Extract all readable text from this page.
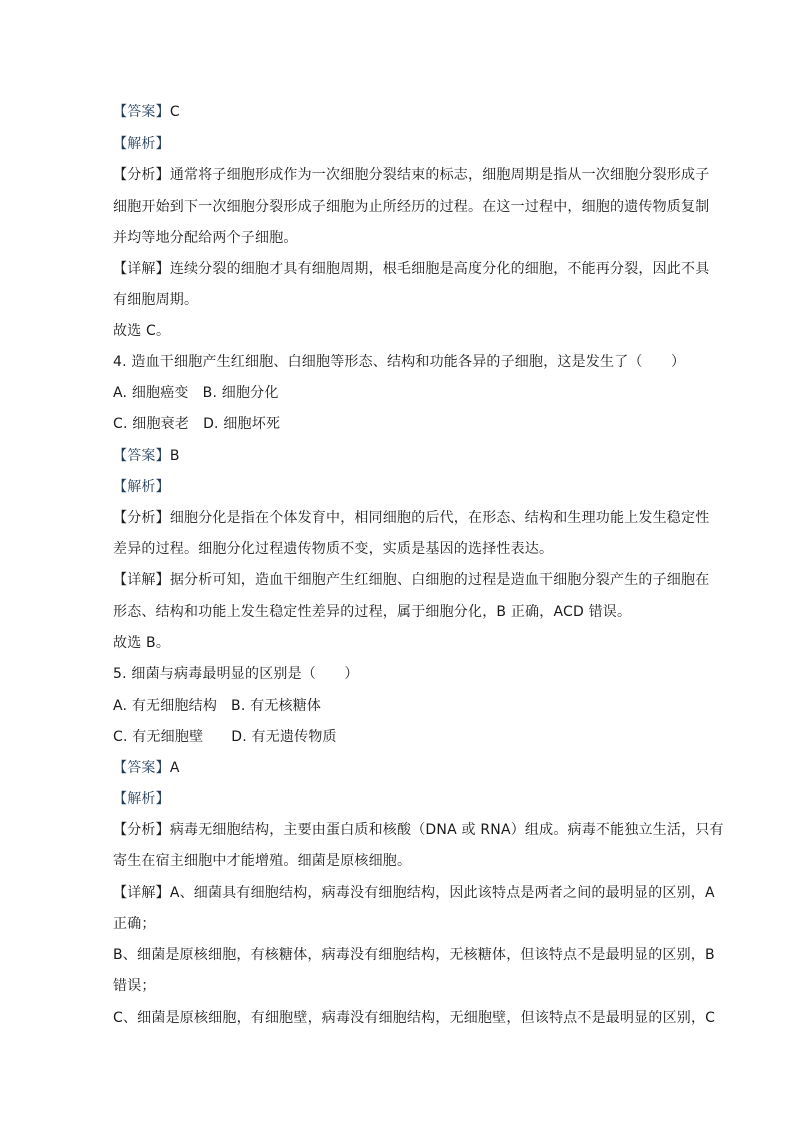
【答案】C
【解析】
【分析】通常将子细胞形成作为一次细胞分裂结束的标志，细胞周期是指从一次细胞分裂形成子
细胞开始到下一次细胞分裂形成子细胞为止所经历的过程。在这一过程中，细胞的遗传物质复制
并均等地分配给两个子细胞。
【详解】连续分裂的细胞才具有细胞周期，根毛细胞是高度分化的细胞，不能再分裂，因此不具
有细胞周期。
故选 C。
4. 造血干细胞产生红细胞、白细胞等形态、结构和功能各异的子细胞，这是发生了（　　）
A. 细胞癌变 B. 细胞分化
C. 细胞衰老 D. 细胞坏死
【答案】B
【解析】
【分析】细胞分化是指在个体发育中，相同细胞的后代，在形态、结构和生理功能上发生稳定性
差异的过程。细胞分化过程遗传物质不变，实质是基因的选择性表达。
【详解】据分析可知，造血干细胞产生红细胞、白细胞的过程是造血干细胞分裂产生的子细胞在
形态、结构和功能上发生稳定性差异的过程，属于细胞分化，B 正确，ACD 错误。
故选 B。
5. 细菌与病毒最明显的区别是（　　）
A. 有无细胞结构 B. 有无核糖体
C. 有无细胞壁 D. 有无遗传物质
【答案】A
【解析】
【分析】病毒无细胞结构，主要由蛋白质和核酸（DNA 或 RNA）组成。病毒不能独立生活，只有
寄生在宿主细胞中才能增殖。细菌是原核细胞。
【详解】A、细菌具有细胞结构，病毒没有细胞结构，因此该特点是两者之间的最明显的区别，A
正确；
B、细菌是原核细胞，有核糖体，病毒没有细胞结构，无核糖体，但该特点不是最明显的区别，B
错误；
C、细菌是原核细胞，有细胞壁，病毒没有细胞结构，无细胞壁，但该特点不是最明显的区别，C
